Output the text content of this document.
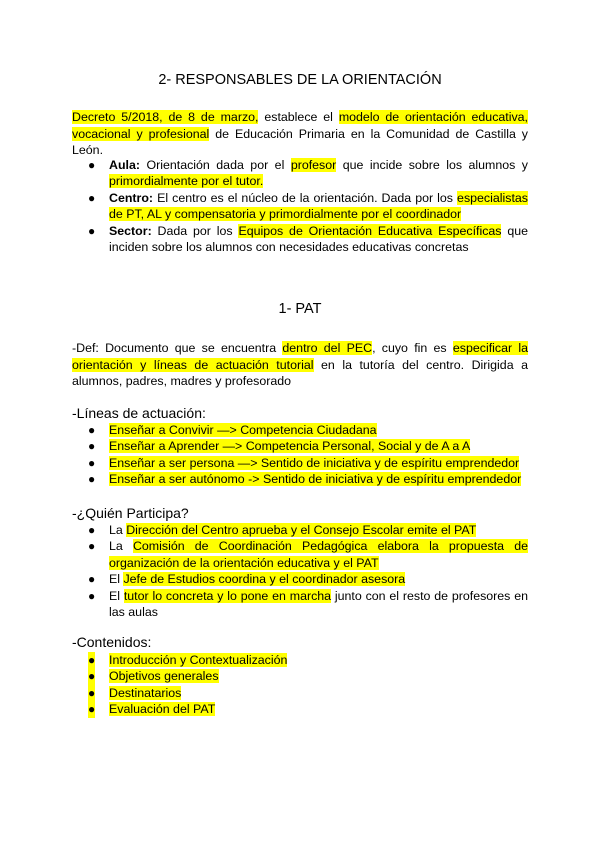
2- RESPONSABLES DE LA ORIENTACIÓN
Decreto 5/2018, de 8 de marzo, establece el modelo de orientación educativa, vocacional y profesional de Educación Primaria en la Comunidad de Castilla y León.
● Aula: Orientación dada por el profesor que incide sobre los alumnos y primordialmente por el tutor.
● Centro: El centro es el núcleo de la orientación. Dada por los especialistas de PT, AL y compensatoria y primordialmente por el coordinador
● Sector: Dada por los Equipos de Orientación Educativa Específicas que inciden sobre los alumnos con necesidades educativas concretas
1- PAT
-Def: Documento que se encuentra dentro del PEC, cuyo fin es especificar la orientación y líneas de actuación tutorial en la tutoría del centro. Dirigida a alumnos, padres, madres y profesorado
-Líneas de actuación:
● Enseñar a Convivir —> Competencia Ciudadana
● Enseñar a Aprender —> Competencia Personal, Social y de A a A
● Enseñar a ser persona —> Sentido de iniciativa y de espíritu emprendedor
● Enseñar a ser autónomo -> Sentido de iniciativa y de espíritu emprendedor
-¿Quién Participa?
● La Dirección del Centro aprueba y el Consejo Escolar emite el PAT
● La Comisión de Coordinación Pedagógica elabora la propuesta de organización de la orientación educativa y el PAT
● El Jefe de Estudios coordina y el coordinador asesora
● El tutor lo concreta y lo pone en marcha junto con el resto de profesores en las aulas
-Contenidos:
● Introducción y Contextualización
● Objetivos generales
● Destinatarios
● Evaluación del PAT
